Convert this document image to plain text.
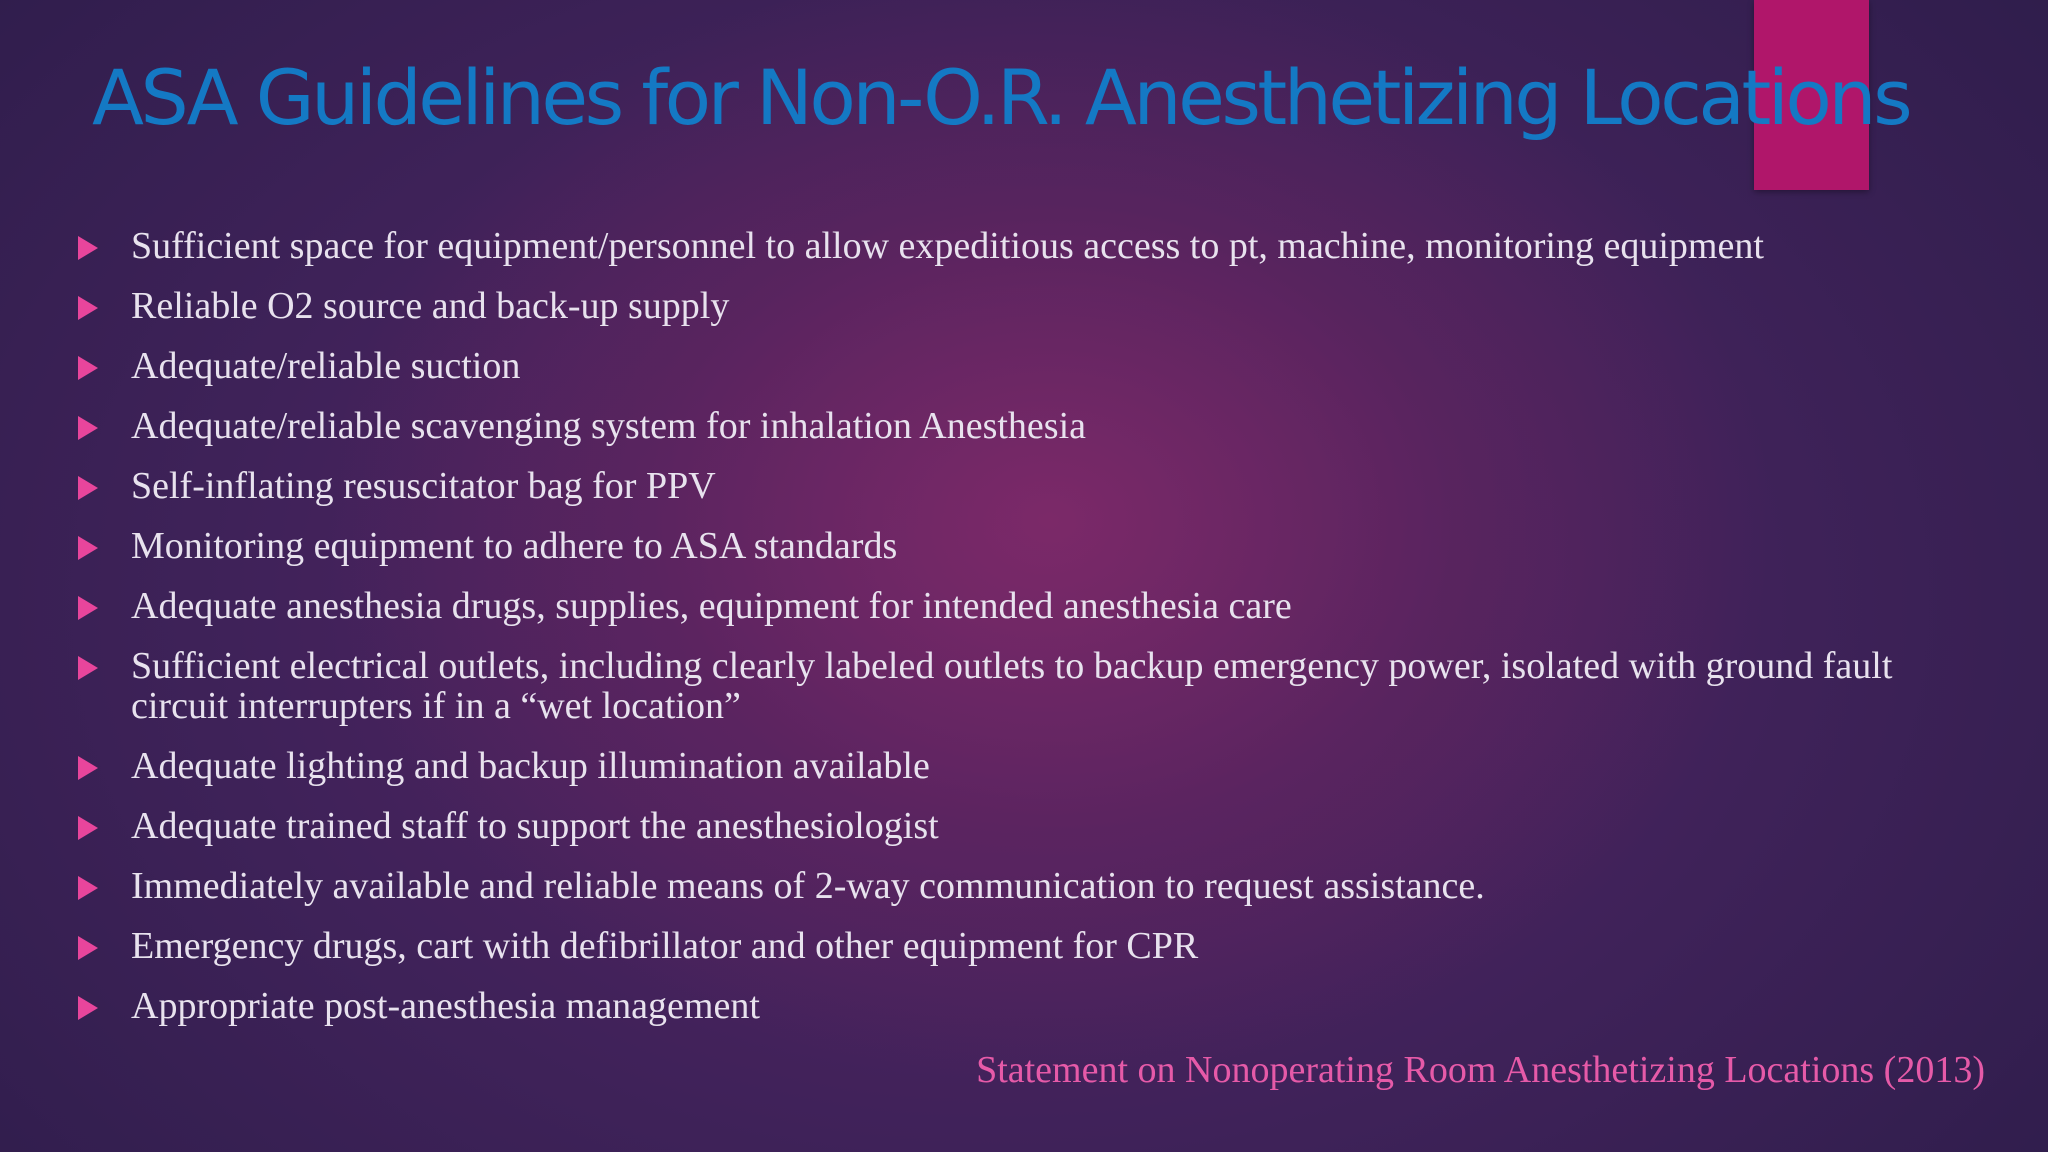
ASA Guidelines for Non-O.R. Anesthetizing Locations
Sufficient space for equipment/personnel to allow expeditious access to pt, machine, monitoring equipment
Reliable O2 source and back-up supply
Adequate/reliable suction
Adequate/reliable scavenging system for inhalation Anesthesia
Self-inflating resuscitator bag for PPV
Monitoring equipment to adhere to ASA standards
Adequate anesthesia drugs, supplies, equipment for intended anesthesia care
Sufficient electrical outlets, including clearly labeled outlets to backup emergency power, isolated with ground fault circuit interrupters if in a “wet location”
Adequate lighting and backup illumination available
Adequate trained staff to support the anesthesiologist
Immediately available and reliable means of 2-way communication to request assistance.
Emergency drugs, cart with defibrillator and other equipment for CPR
Appropriate post-anesthesia management

Statement on Nonoperating Room Anesthetizing Locations (2013)
